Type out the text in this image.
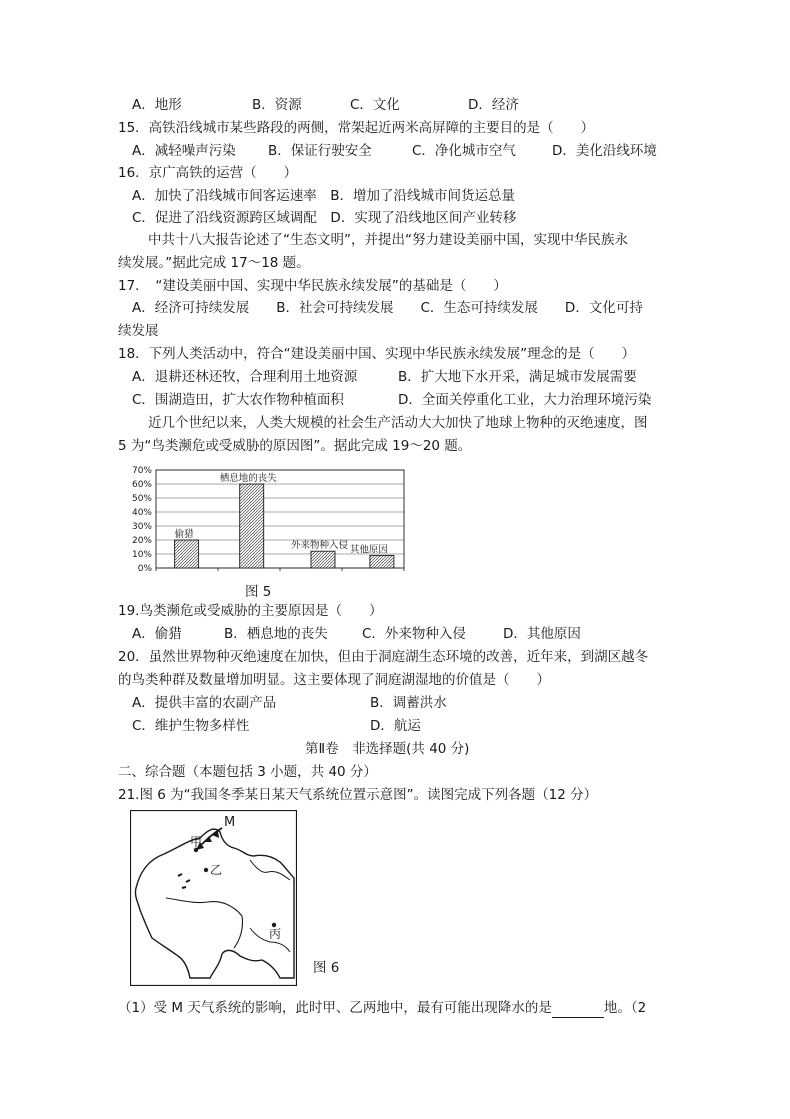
A．地形	B．资源	C．文化	D．经济
15．高铁沿线城市某些路段的两侧，常架起近两米高屏障的主要目的是（　　）
A．减轻噪声污染 B．保证行驶安全	C．净化城市空气	D．美化沿线环境
16．京广高铁的运营（　　）
A．加快了沿线城市间客运速率　B．增加了沿线城市间货运总量
C．促进了沿线资源跨区域调配　D．实现了沿线地区间产业转移
中共十八大报告论述了“生态文明”，并提出“努力建设美丽中国，实现中华民族永
续发展。”据此完成 17～18 题。
17．　“建设美丽中国、实现中华民族永续发展”的基础是（　　）
A．经济可持续发展　　B．社会可持续发展　　C．生态可持续发展　　D．文化可持
续发展
18．下列人类活动中，符合“建设美丽中国、实现中华民族永续发展”理念的是（　　）
A．退耕还林还牧，合理利用土地资源	B．扩大地下水开采，满足城市发展需要
C．围湖造田，扩大农作物种植面积	D．全面关停重化工业，大力治理环境污染
近几个世纪以来，人类大规模的社会生产活动大大加快了地球上物种的灭绝速度，图
5 为“鸟类濒危或受威胁的原因图”。据此完成 19～20 题。
0%
10%
20%
30%
40%
50%
60%
70%
偷猎
栖息地的丧失
外来物种入侵 其他原因
图 5
19.鸟类濒危或受威胁的主要原因是（　　）
A．偷猎	B．栖息地的丧失	C．外来物种入侵	D．其他原因
20．虽然世界物种灭绝速度在加快，但由于洞庭湖生态环境的改善，近年来，到湖区越冬
的鸟类种群及数量增加明显。这主要体现了洞庭湖湿地的价值是（　　）
A．提供丰富的农副产品	B．调蓄洪水
C．维护生物多样性	D．航运
第Ⅱ卷　非选择题(共 40 分)
二、综合题（本题包括 3 小题，共 40 分）
21.图 6 为“我国冬季某日某天气系统位置示意图”。读图完成下列各题（12 分）
M
甲
乙
丙
图 6
（1）受 M 天气系统的影响，此时甲、乙两地中，最有可能出现降水的是	地。（2
